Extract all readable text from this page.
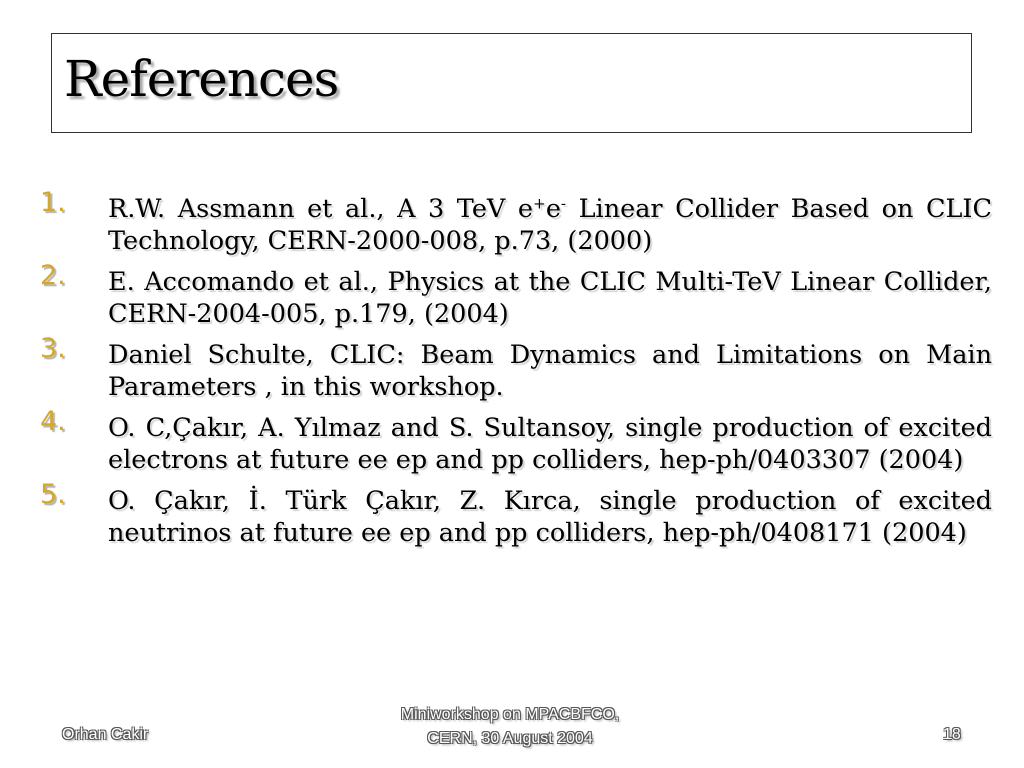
References
1. R.W. Assmann et al., A 3 TeV e+e- Linear Collider Based on CLIC Technology, CERN-2000-008, p.73, (2000)
2. E. Accomando et al., Physics at the CLIC Multi-TeV Linear Collider, CERN-2004-005, p.179, (2004)
3. Daniel Schulte, CLIC: Beam Dynamics and Limitations on Main Parameters , in this workshop.
4. O. C,Çakır, A. Yılmaz and S. Sultansoy, single production of excited electrons at future ee ep and pp colliders, hep-ph/0403307 (2004)
5. O. Çakır, İ. Türk Çakır, Z. Kırca, single production of excited neutrinos at future ee ep and pp colliders, hep-ph/0408171 (2004)
Orhan Cakir
Miniworkshop on MPACBFCO,
CERN, 30 August 2004	18
